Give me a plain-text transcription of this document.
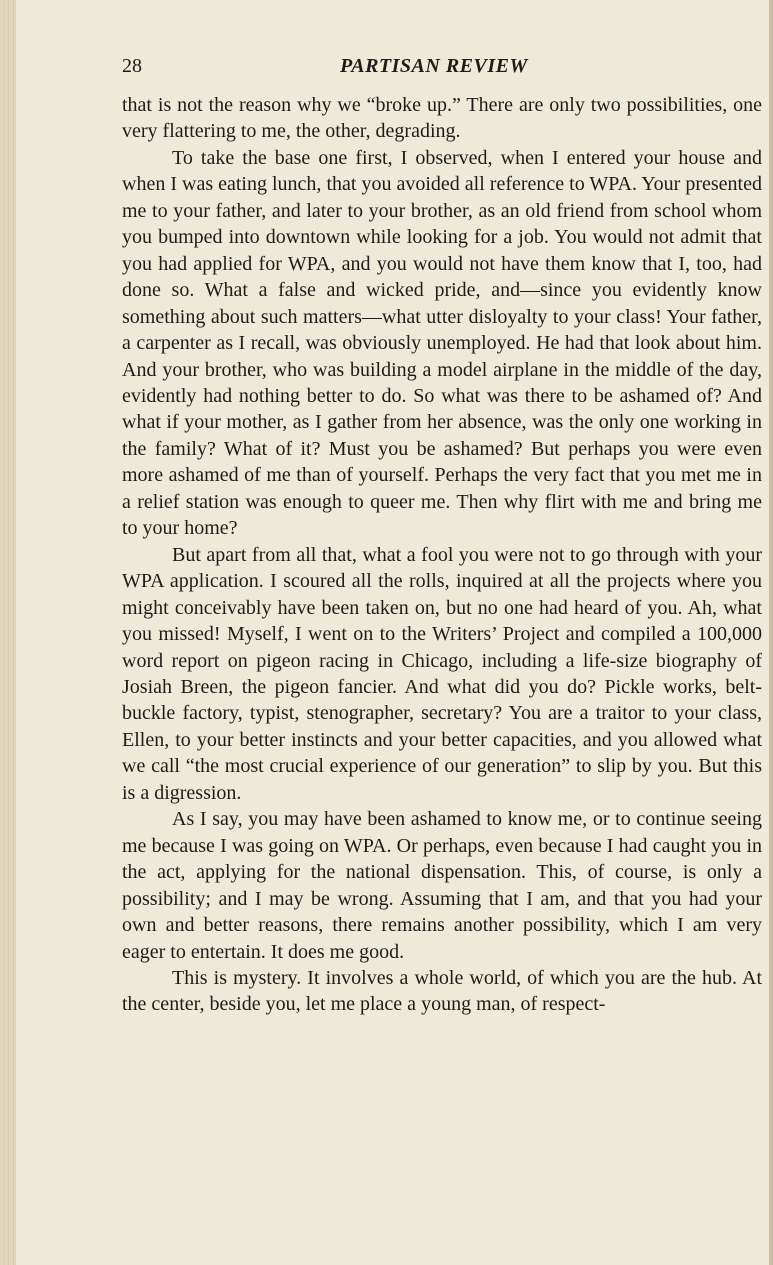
28	PARTISAN REVIEW

that is not the reason why we “broke up.” There are only two possibilities, one very flattering to me, the other, degrading.

To take the base one first, I observed, when I entered your house and when I was eating lunch, that you avoided all reference to WPA. Your presented me to your father, and later to your brother, as an old friend from school whom you bumped into downtown while looking for a job. You would not admit that you had applied for WPA, and you would not have them know that I, too, had done so. What a false and wicked pride, and—since you evidently know something about such matters—what utter disloyalty to your class! Your father, a carpenter as I recall, was obviously unemployed. He had that look about him. And your brother, who was building a model airplane in the middle of the day, evidently had nothing better to do. So what was there to be ashamed of? And what if your mother, as I gather from her absence, was the only one working in the family? What of it? Must you be ashamed? But perhaps you were even more ashamed of me than of yourself. Perhaps the very fact that you met me in a relief station was enough to queer me. Then why flirt with me and bring me to your home?

But apart from all that, what a fool you were not to go through with your WPA application. I scoured all the rolls, inquired at all the projects where you might conceivably have been taken on, but no one had heard of you. Ah, what you missed! Myself, I went on to the Writers’ Project and compiled a 100,000 word report on pigeon racing in Chicago, including a life-size biography of Josiah Breen, the pigeon fancier. And what did you do? Pickle works, belt-buckle factory, typist, stenographer, secretary? You are a traitor to your class, Ellen, to your better instincts and your better capacities, and you allowed what we call “the most crucial experience of our generation” to slip by you. But this is a digression.

As I say, you may have been ashamed to know me, or to continue seeing me because I was going on WPA. Or perhaps, even because I had caught you in the act, applying for the national dispensation. This, of course, is only a possibility; and I may be wrong. Assuming that I am, and that you had your own and better reasons, there remains another possibility, which I am very eager to entertain. It does me good.

This is mystery. It involves a whole world, of which you are the hub. At the center, beside you, let me place a young man, of respect-
